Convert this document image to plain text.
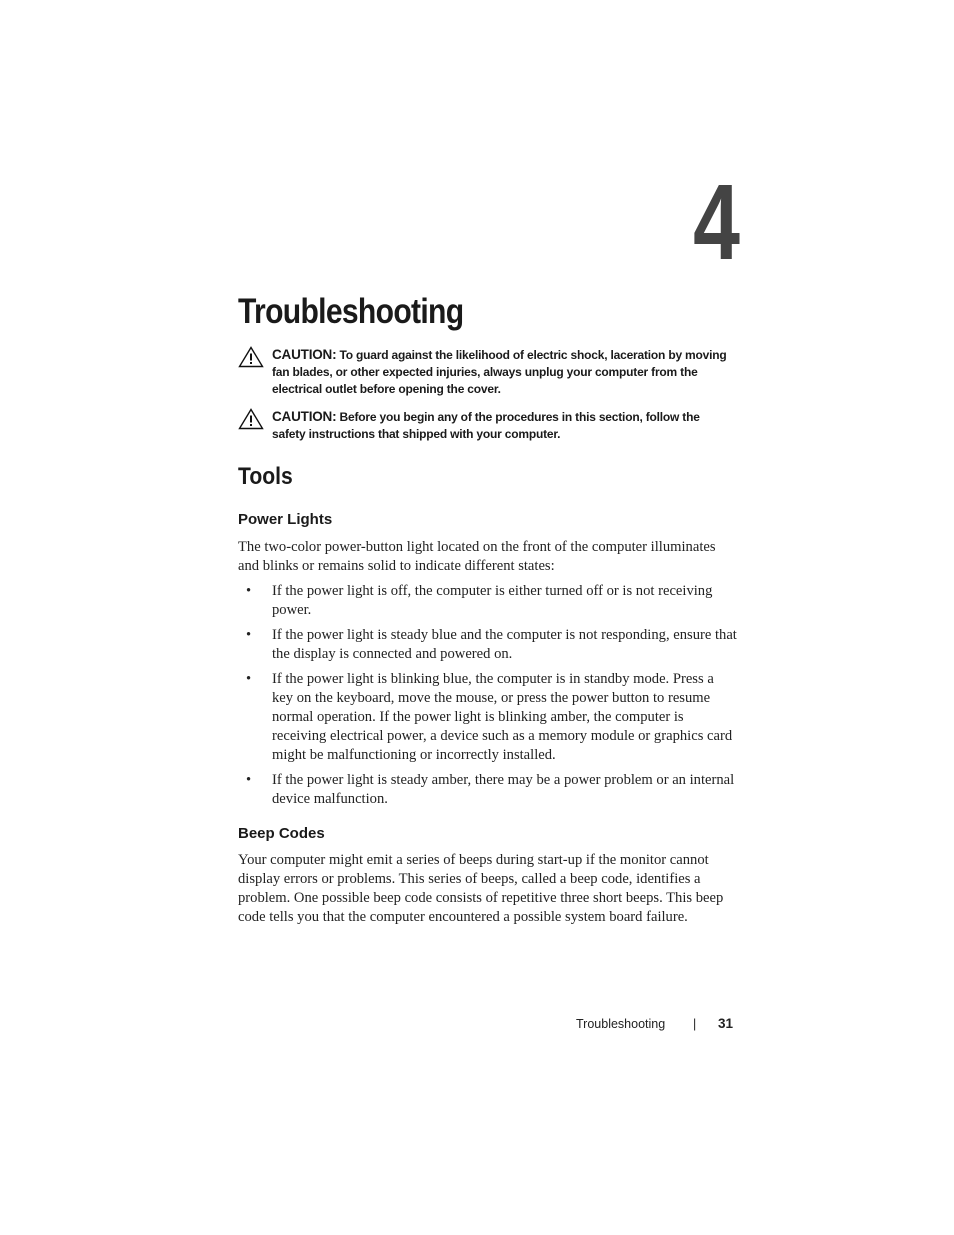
4
Troubleshooting
CAUTION: To guard against the likelihood of electric shock, laceration by moving fan blades, or other expected injuries, always unplug your computer from the electrical outlet before opening the cover.
CAUTION: Before you begin any of the procedures in this section, follow the safety instructions that shipped with your computer.
Tools
Power Lights

The two-color power-button light located on the front of the computer illuminates and blinks or remains solid to indicate different states:

• If the power light is off, the computer is either turned off or is not receiving power.
• If the power light is steady blue and the computer is not responding, ensure that the display is connected and powered on.
• If the power light is blinking blue, the computer is in standby mode. Press a key on the keyboard, move the mouse, or press the power button to resume normal operation. If the power light is blinking amber, the computer is receiving electrical power, a device such as a memory module or graphics card might be malfunctioning or incorrectly installed.
• If the power light is steady amber, there may be a power problem or an internal device malfunction.
Beep Codes

Your computer might emit a series of beeps during start-up if the monitor cannot display errors or problems. This series of beeps, called a beep code, identifies a problem. One possible beep code consists of repetitive three short beeps. This beep code tells you that the computer encountered a possible system board failure.

Troubleshooting | 31
